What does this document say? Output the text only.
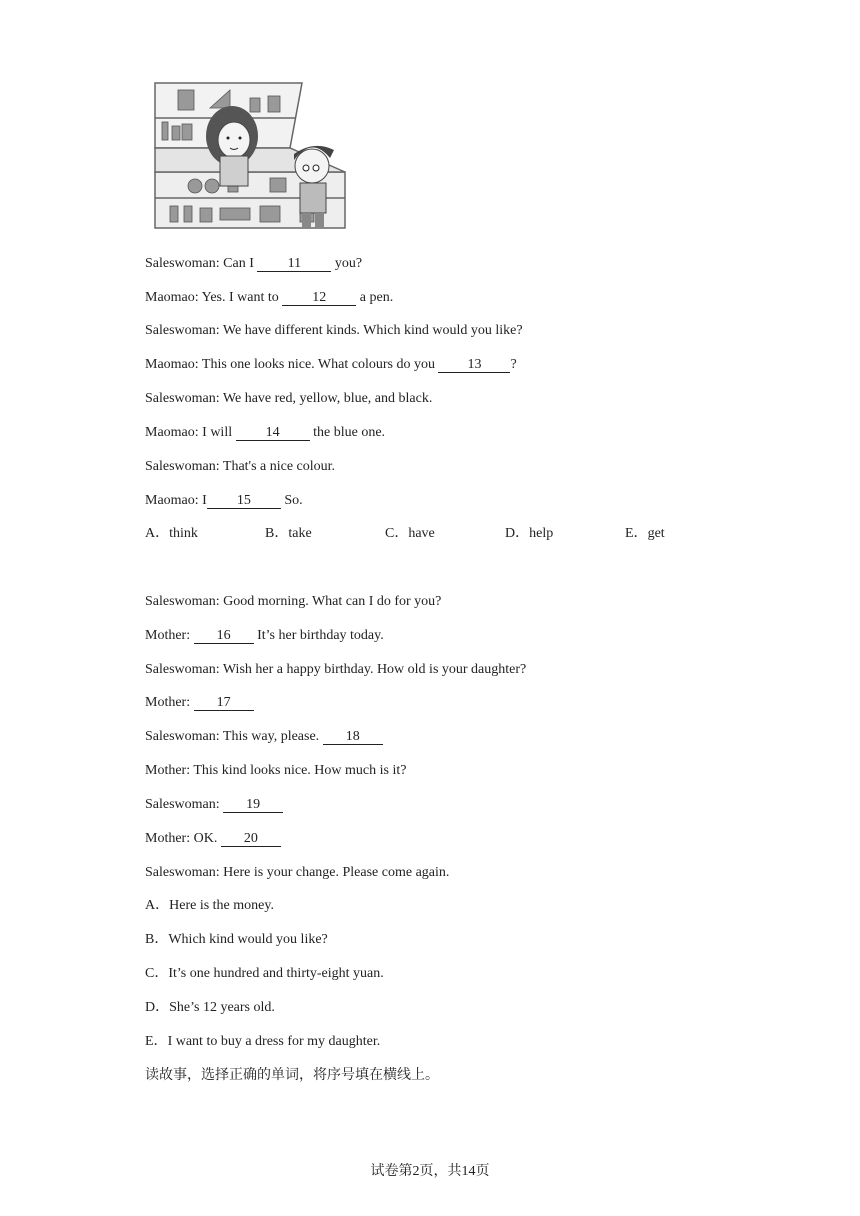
Saleswoman: Can I 11 you?
Maomao: Yes. I want to 12 a pen.
Saleswoman: We have different kinds. Which kind would you like?
Maomao: This one looks nice. What colours do you 13 ?
Saleswoman: We have red, yellow, blue, and black.
Maomao: I will 14 the blue one.
Saleswoman: That's a nice colour.
Maomao: I 15 So.
A．think	B．take	C．have	D．help	E．get
Saleswoman: Good morning. What can I do for you?
Mother: 16 It’s her birthday today.
Saleswoman: Wish her a happy birthday. How old is your daughter?
Mother: 17
Saleswoman: This way, please. 18
Mother: This kind looks nice. How much is it?
Saleswoman: 19
Mother: OK. 20
Saleswoman: Here is your change. Please come again.
A．Here is the money.
B．Which kind would you like?
C．It’s one hundred and thirty-eight yuan.
D．She’s 12 years old.
E．I want to buy a dress for my daughter.
读故事，选择正确的单词，将序号填在横线上。
试卷第2页，共14页
